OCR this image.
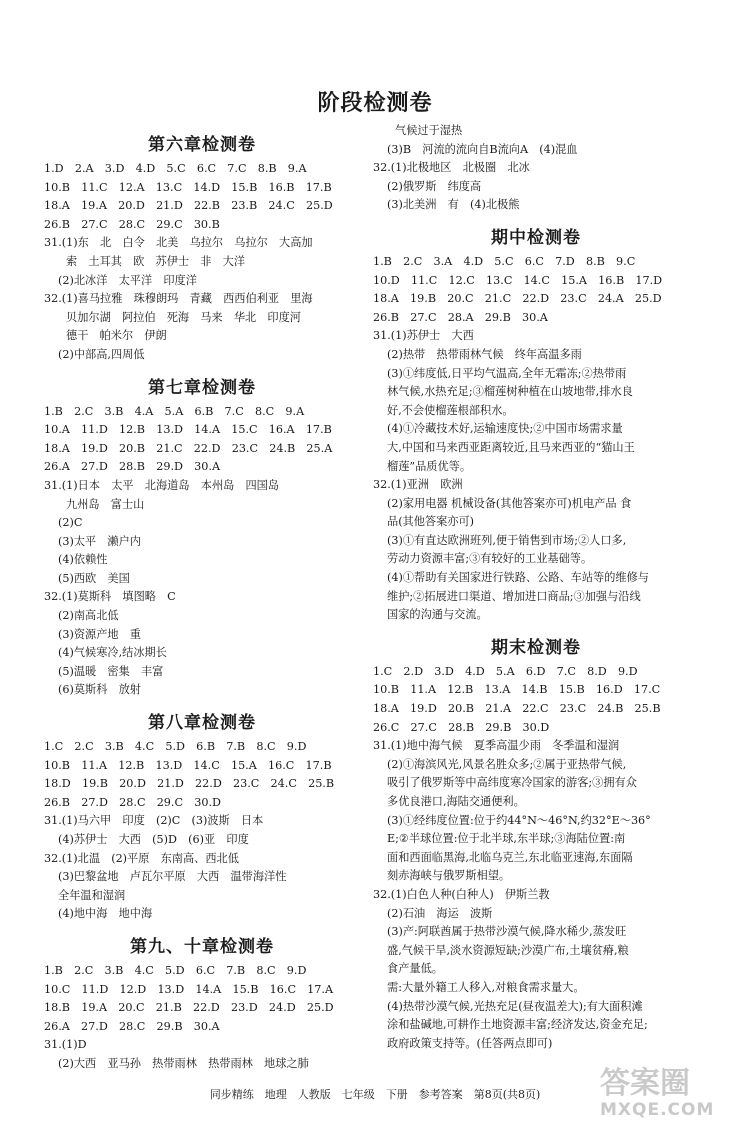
阶段检测卷
第六章检测卷
1.D　2.A　3.D　4.D　5.C　6.C　7.C　8.B　9.A
10.B　11.C　12.A　13.C　14.D　15.B　16.B　17.B
18.A　19.A　20.D　21.D　22.B　23.B　24.C　25.D
26.B　27.C　28.C　29.C　30.B
31.(1)东　北　白令　北美　乌拉尔　乌拉尔　大高加
索　土耳其　欧　苏伊士　非　大洋
(2)北冰洋　太平洋　印度洋
32.(1)喜马拉雅　珠穆朗玛　青藏　西西伯利亚　里海
贝加尔湖　阿拉伯　死海　马来　华北　印度河
德干　帕米尔　伊朗
(2)中部高,四周低
第七章检测卷
1.B　2.C　3.B　4.A　5.A　6.B　7.C　8.C　9.A
10.A　11.D　12.B　13.D　14.A　15.C　16.A　17.B
18.A　19.D　20.B　21.C　22.D　23.C　24.B　25.A
26.A　27.D　28.B　29.D　30.A
31.(1)日本　太平　北海道岛　本州岛　四国岛
九州岛　富士山
(2)C
(3)太平　濑户内
(4)依赖性
(5)西欧　美国
32.(1)莫斯科　填图略　C
(2)南高北低
(3)资源产地　重
(4)气候寒冷,结冰期长
(5)温暖　密集　丰富
(6)莫斯科　放射
第八章检测卷
1.C　2.C　3.B　4.C　5.D　6.B　7.B　8.C　9.D
10.B　11.A　12.B　13.D　14.C　15.A　16.C　17.B
18.D　19.B　20.D　21.D　22.D　23.C　24.C　25.B
26.B　27.D　28.C　29.C　30.D
31.(1)马六甲　印度　(2)C　(3)波斯　日本
(4)苏伊士　大西　(5)D　(6)亚　印度
32.(1)北温　(2)平原　东南高、西北低
(3)巴黎盆地　卢瓦尔平原　大西　温带海洋性
全年温和湿润
(4)地中海　地中海
第九、十章检测卷
1.B　2.C　3.B　4.C　5.D　6.C　7.B　8.C　9.D
10.C　11.D　12.D　13.D　14.A　15.B　16.C　17.A
18.B　19.A　20.C　21.B　22.D　23.D　24.D　25.D
26.A　27.D　28.C　29.B　30.A
31.(1)D
(2)大西　亚马孙　热带雨林　热带雨林　地球之肺
气候过于湿热
(3)B　河流的流向自B流向A　(4)混血
32.(1)北极地区　北极圈　北冰
(2)俄罗斯　纬度高
(3)北美洲　有　(4)北极熊
期中检测卷
1.B　2.C　3.A　4.D　5.C　6.C　7.D　8.B　9.C
10.D　11.C　12.C　13.C　14.C　15.A　16.B　17.D
18.A　19.B　20.C　21.C　22.D　23.C　24.A　25.D
26.B　27.C　28.A　29.B　30.A
31.(1)苏伊士　大西
(2)热带　热带雨林气候　终年高温多雨
(3)①纬度低,日平均气温高,全年无霜冻;②热带雨
林气候,水热充足;③榴莲树种植在山坡地带,排水良
好,不会使榴莲根部积水。
(4)①冷藏技术好,运输速度快;②中国市场需求量
大,中国和马来西亚距离较近,且马来西亚的“猫山王
榴莲”品质优等。
32.(1)亚洲　欧洲
(2)家用电器 机械设备(其他答案亦可)机电产品 食
品(其他答案亦可)
(3)①有直达欧洲班列,便于销售到市场;②人口多,
劳动力资源丰富;③有较好的工业基础等。
(4)①帮助有关国家进行铁路、公路、车站等的维修与
维护;②拓展进口渠道、增加进口商品;③加强与沿线
国家的沟通与交流。
期末检测卷
1.C　2.D　3.D　4.D　5.A　6.D　7.C　8.D　9.D
10.B　11.A　12.B　13.A　14.B　15.B　16.D　17.C
18.A　19.D　20.B　21.A　22.C　23.C　24.B　25.B
26.C　27.C　28.B　29.B　30.D
31.(1)地中海气候　夏季高温少雨　冬季温和湿润
(2)①海滨风光,风景名胜众多;②属于亚热带气候,
吸引了俄罗斯等中高纬度寒冷国家的游客;③拥有众
多优良港口,海陆交通便利。
(3)①经纬度位置:位于约44°N～46°N,约32°E～36°
E;②半球位置:位于北半球,东半球;③海陆位置:南
面和西面临黑海,北临乌克兰,东北临亚速海,东面隔
刻赤海峡与俄罗斯相望。
32.(1)白色人种(白种人)　伊斯兰教
(2)石油　海运　波斯
(3)产:阿联酋属于热带沙漠气候,降水稀少,蒸发旺
盛,气候干旱,淡水资源短缺;沙漠广布,土壤贫瘠,粮
食产量低。
需:大量外籍工人移入,对粮食需求量大。
(4)热带沙漠气候,光热充足(昼夜温差大);有大面积滩
涂和盐碱地,可耕作土地资源丰富;经济发达,资金充足;
政府政策支持等。(任答两点即可)
同步精练　地理　人教版　七年级　下册　参考答案　第8页(共8页)	答案圈
MXQE.COM
